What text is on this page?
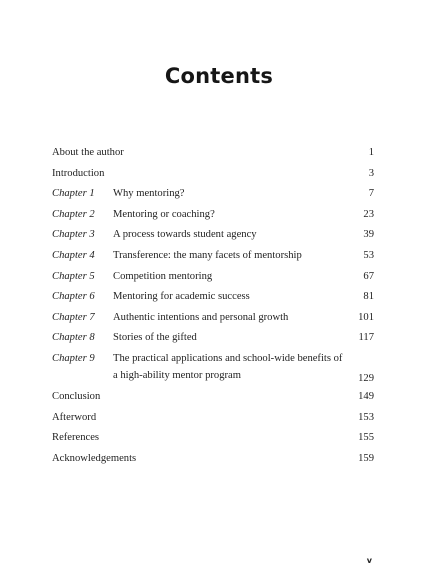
Contents
About the author	1
Introduction	3
Chapter 1	Why mentoring?	7
Chapter 2	Mentoring or coaching?	23
Chapter 3	A process towards student agency	39
Chapter 4	Transference: the many facets of mentorship	53
Chapter 5	Competition mentoring	67
Chapter 6	Mentoring for academic success	81
Chapter 7	Authentic intentions and personal growth	101
Chapter 8	Stories of the gifted	117
Chapter 9	The practical applications and school-wide benefits of a high-ability mentor program	129
Conclusion	149
Afterword	153
References	155
Acknowledgements	159
v
